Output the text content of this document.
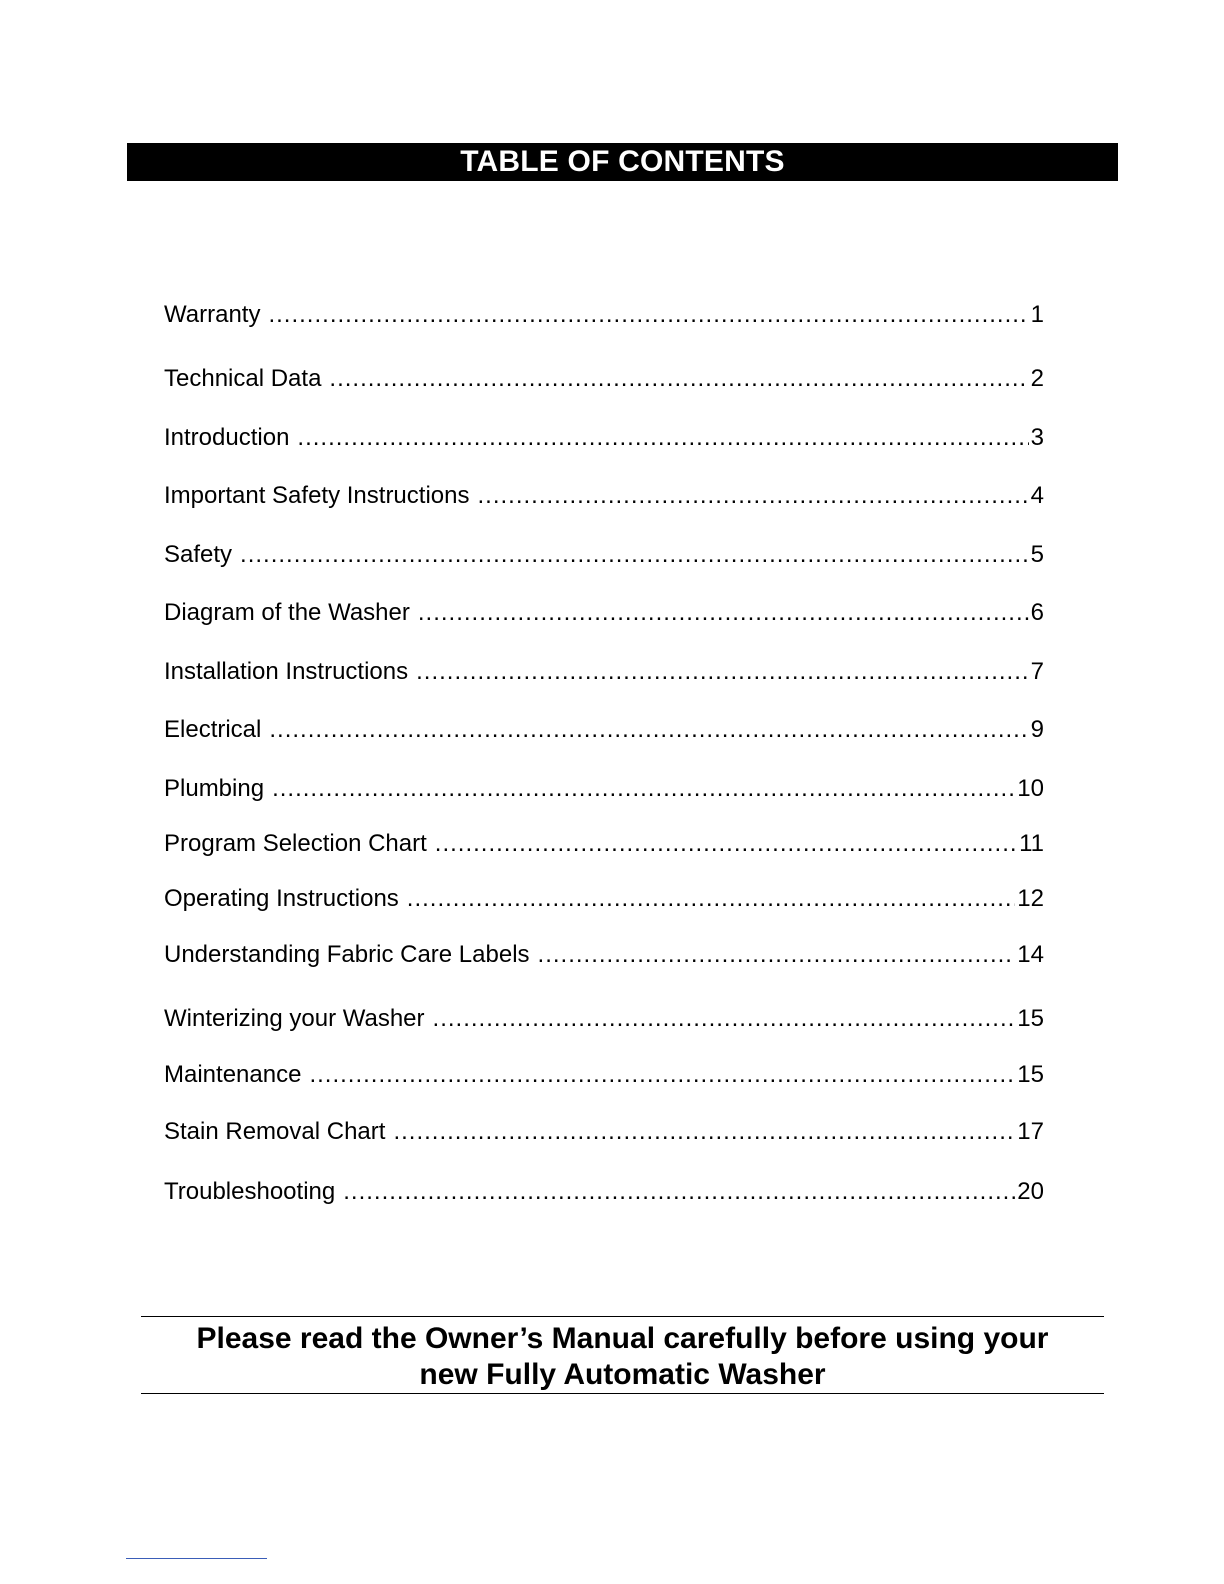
TABLE OF CONTENTS
Warranty .....	1
Technical Data .....	2
Introduction .....	3
Important Safety Instructions .....	4
Safety .....	5
Diagram of the Washer .....	6
Installation Instructions .....	7
Electrical .....	9
Plumbing .....	10
Program Selection Chart .....	11
Operating Instructions .....	12
Understanding Fabric Care Labels .....	14
Winterizing your Washer .....	15
Maintenance .....	15
Stain Removal Chart .....	17
Troubleshooting .....	20
Please read the Owner’s Manual carefully before using your
new Fully Automatic Washer
